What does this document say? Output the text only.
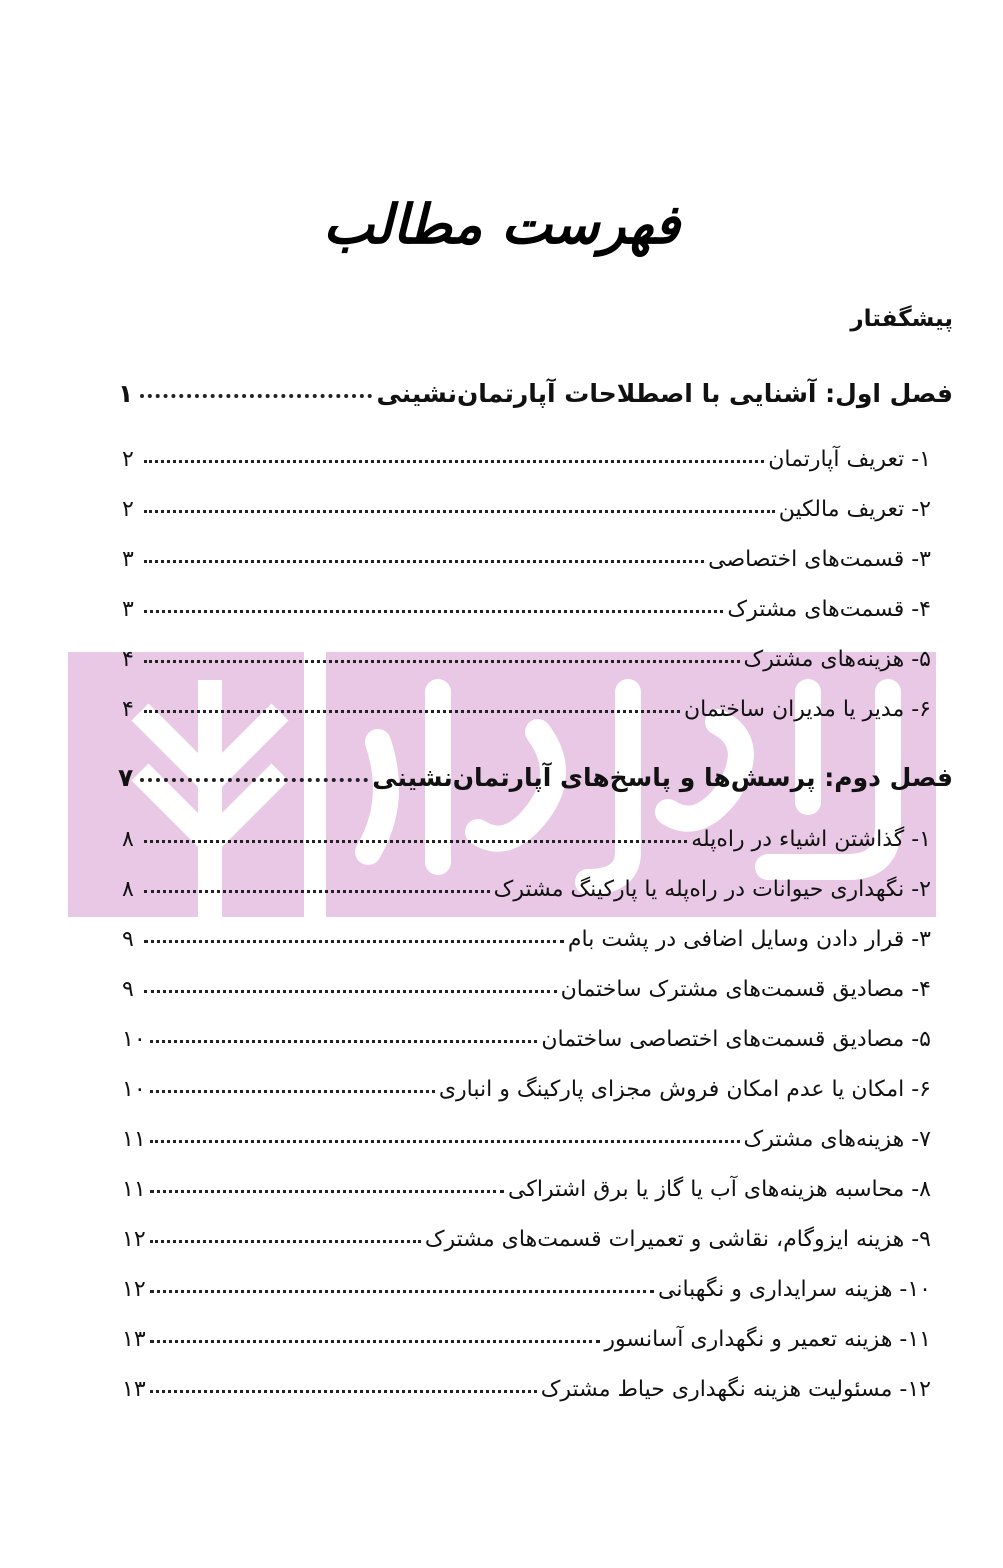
فهرست مطالب
پیشگفتار
فصل اول: آشنایی با اصطلاحات آپارتمان‌نشینی
۱
۱- تعریف آپارتمان
۲
۲- تعریف مالکین
۲
۳- قسمت‌های اختصاصی
۳
۴- قسمت‌های مشترک
۳
۵- هزینه‌های مشترک
۴
۶- مدیر یا مدیران ساختمان
۴
فصل دوم: پرسش‌ها و پاسخ‌های آپارتمان‌نشینی
۷
۱- گذاشتن اشیاء در راه‌پله
۸
۲- نگهداری حیوانات در راه‌پله یا پارکینگ مشترک
۸
۳- قرار دادن وسایل اضافی در پشت بام
۹
۴- مصادیق قسمت‌های مشترک ساختمان
۹
۵- مصادیق قسمت‌های اختصاصی ساختمان
۱۰
۶- امکان یا عدم امکان فروش مجزای پارکینگ و انباری
۱۰
۷- هزینه‌های مشترک
۱۱
۸- محاسبه هزینه‌های آب یا گاز یا برق اشتراکی
۱۱
۹- هزینه ایزوگام، نقاشی و تعمیرات قسمت‌های مشترک
۱۲
۱۰- هزینه سرایداری و نگهبانی
۱۲
۱۱- هزینه تعمیر و نگهداری آسانسور
۱۳
۱۲- مسئولیت هزینه نگهداری حیاط مشترک
۱۳
